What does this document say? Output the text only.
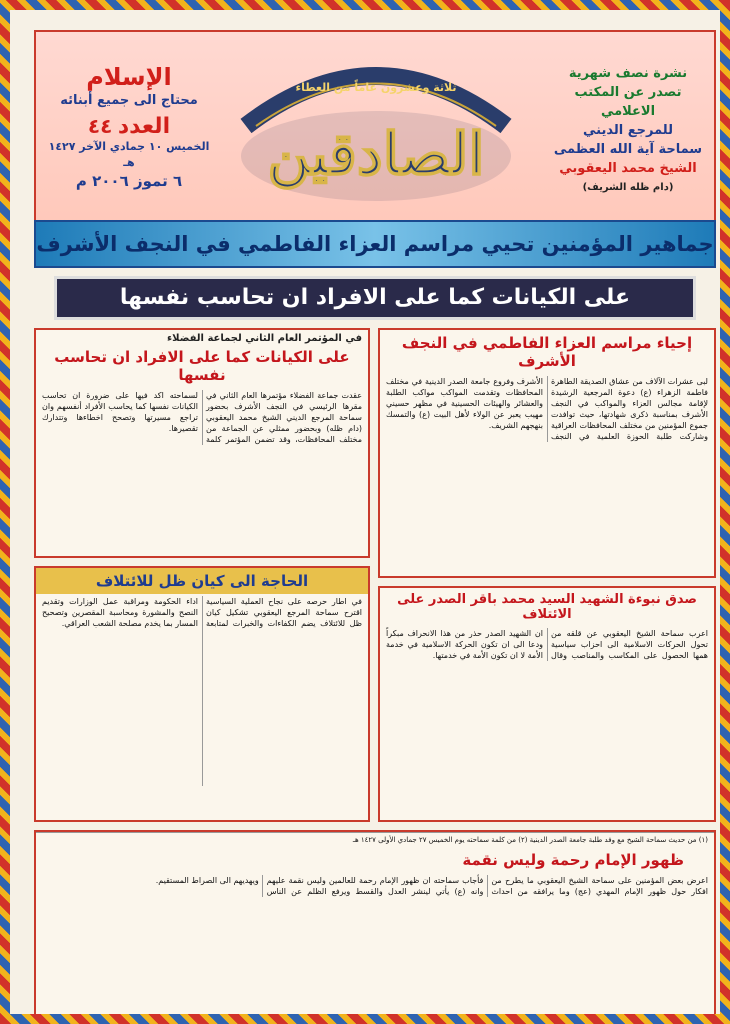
نشرة نصف شهرية
تصدر عن المكتب الاعلامي
للمرجع الديني
سماحة آية الله العظمى
الشيخ محمد اليعقوبي
(دام ظله الشريف)
ثلاثة وعشرون عاماً من العطاء
الصادقين
الإسلام
محتاج الى جميع أبنائه
العدد ٤٤
الخميس ١٠ جمادي الآخر ١٤٢٧ هـ
٦ تموز ٢٠٠٦ م
جماهير المؤمنين تحيي مراسم العزاء الفاطمي في النجف الأشرف
على الكيانات كما على الافراد ان تحاسب نفسها
إحياء مراسم العزاء الفاطمي في النجف الأشرف
لبى عشرات الآلاف من عشاق الصديقة الطاهرة فاطمة الزهراء (ع) دعوة المرجعية الرشيدة لإقامة مجالس العزاء والمواكب في النجف الأشرف بمناسبة ذكرى شهادتها، حيث توافدت جموع المؤمنين من مختلف المحافظات العراقية وشاركت طلبة الحوزة العلمية في النجف الأشرف وفروع جامعة الصدر الدينية في مختلف المحافظات وتقدمت المواكب مواكب الطلبة والعشائر والهيئات الحسينية في مظهر حسيني مهيب يعبر عن الولاء لأهل البيت (ع) والتمسك بنهجهم الشريف.
في المؤتمر العام الثاني لجماعة الفضلاء
على الكيانات كما على الافراد ان تحاسب نفسها
عقدت جماعة الفضلاء مؤتمرها العام الثاني في مقرها الرئيسي في النجف الأشرف بحضور سماحة المرجع الديني الشيخ محمد اليعقوبي (دام ظله) وبحضور ممثلي عن الجماعة من مختلف المحافظات، وقد تضمن المؤتمر كلمة لسماحته اكد فيها على ضرورة ان تحاسب الكيانات نفسها كما يحاسب الأفراد أنفسهم وان تراجع مسيرتها وتصحح اخطاءها وتتدارك تقصيرها.
صدق نبوءة الشهيد السيد محمد باقر الصدر على الائتلاف
اعرب سماحة الشيخ اليعقوبي عن قلقه من تحول الحركات الاسلامية الى احزاب سياسية همها الحصول على المكاسب والمناصب وقال ان الشهيد الصدر حذر من هذا الانحراف مبكراً ودعا الى ان تكون الحركة الاسلامية في خدمة الأمة لا ان تكون الأمة في خدمتها.
الحاجة الى كيان ظل للائتلاف
في اطار حرصه على نجاح العملية السياسية اقترح سماحة المرجع اليعقوبي تشكيل كيان ظل للائتلاف يضم الكفاءات والخبرات لمتابعة اداء الحكومة ومراقبة عمل الوزارات وتقديم النصح والمشورة ومحاسبة المقصرين وتصحيح المسار بما يخدم مصلحة الشعب العراقي.
(١) من حديث سماحة الشيخ مع وفد طلبة جامعة الصدر الدينية (٢) من كلمة سماحته يوم الخميس ٢٧ جمادي الأولى ١٤٢٧ هـ
ظهور الإمام رحمة وليس نقمة
اعرض بعض المؤمنين على سماحة الشيخ اليعقوبي ما يطرح من افكار حول ظهور الإمام المهدي (عج) وما يرافقه من احداث فأجاب سماحته ان ظهور الإمام رحمة للعالمين وليس نقمة عليهم وانه (ع) يأتي لينشر العدل والقسط ويرفع الظلم عن الناس ويهديهم الى الصراط المستقيم.
